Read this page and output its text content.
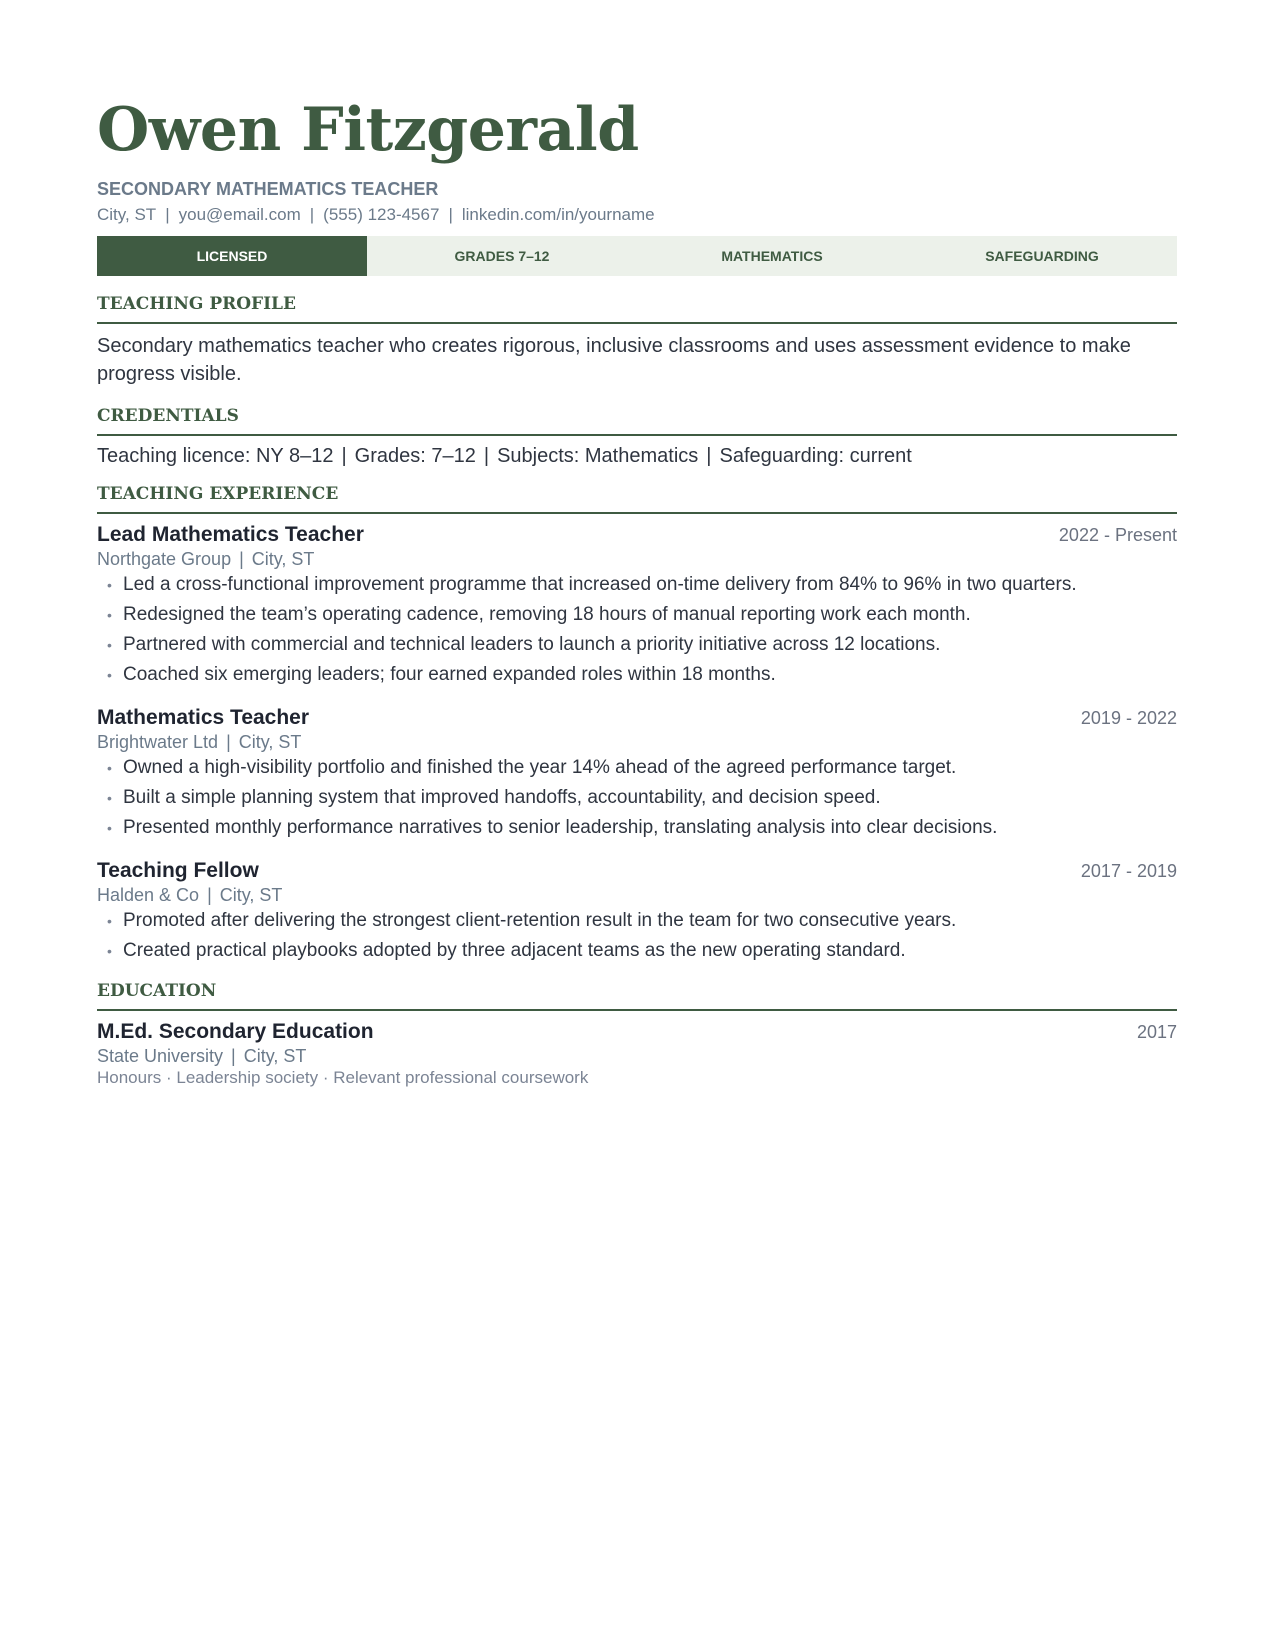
Owen Fitzgerald
SECONDARY MATHEMATICS TEACHER
City, ST | you@email.com | (555) 123-4567 | linkedin.com/in/yourname
LICENSED	GRADES 7–12	MATHEMATICS	SAFEGUARDING
TEACHING PROFILE
Secondary mathematics teacher who creates rigorous, inclusive classrooms and uses assessment evidence to make progress visible.
CREDENTIALS
Teaching licence: NY 8–12 | Grades: 7–12 | Subjects: Mathematics | Safeguarding: current
TEACHING EXPERIENCE
Lead Mathematics Teacher	2022 - Present
Northgate Group | City, ST
• Led a cross-functional improvement programme that increased on-time delivery from 84% to 96% in two quarters.
• Redesigned the team’s operating cadence, removing 18 hours of manual reporting work each month.
• Partnered with commercial and technical leaders to launch a priority initiative across 12 locations.
• Coached six emerging leaders; four earned expanded roles within 18 months.
Mathematics Teacher	2019 - 2022
Brightwater Ltd | City, ST
• Owned a high-visibility portfolio and finished the year 14% ahead of the agreed performance target.
• Built a simple planning system that improved handoffs, accountability, and decision speed.
• Presented monthly performance narratives to senior leadership, translating analysis into clear decisions.
Teaching Fellow	2017 - 2019
Halden & Co | City, ST
• Promoted after delivering the strongest client-retention result in the team for two consecutive years.
• Created practical playbooks adopted by three adjacent teams as the new operating standard.
EDUCATION
M.Ed. Secondary Education	2017
State University | City, ST
Honours · Leadership society · Relevant professional coursework
